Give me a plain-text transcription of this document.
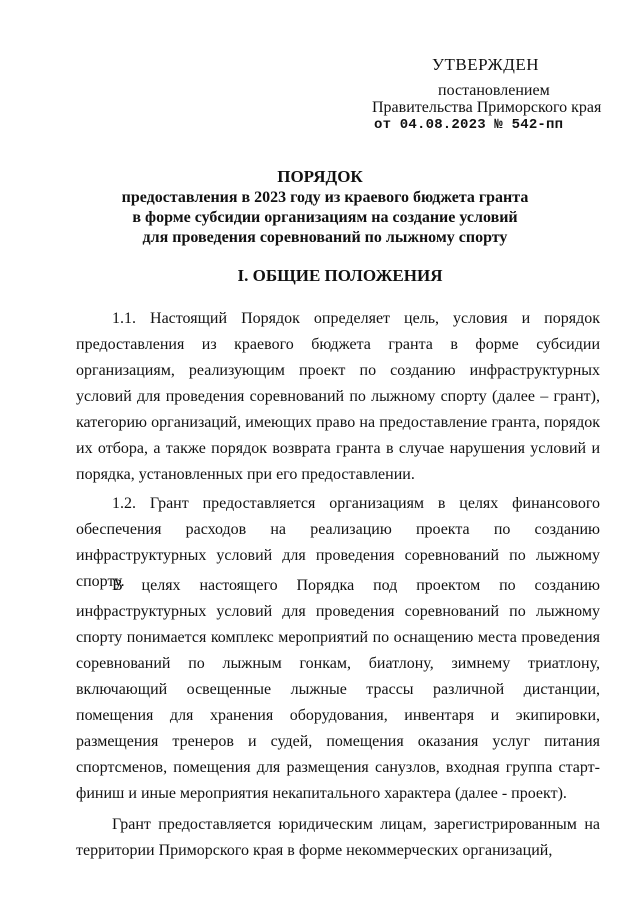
УТВЕРЖДЕН
постановлением
Правительства Приморского края
от 04.08.2023 № 542-пп
ПОРЯДОК
предоставления в 2023 году из краевого бюджета гранта в форме субсидии организациям на создание условий для проведения соревнований по лыжному спорту
I. ОБЩИЕ ПОЛОЖЕНИЯ

1.1. Настоящий Порядок определяет цель, условия и порядок предоставления из краевого бюджета гранта в форме субсидии организациям, реализующим проект по созданию инфраструктурных условий для проведения соревнований по лыжному спорту (далее – грант), категорию организаций, имеющих право на предоставление гранта, порядок их отбора, а также порядок возврата гранта в случае нарушения условий и порядка, установленных при его предоставлении.

1.2. Грант предоставляется организациям в целях финансового обеспечения расходов на реализацию проекта по созданию инфраструктурных условий для проведения соревнований по лыжному спорту.

В целях настоящего Порядка под проектом по созданию инфраструктурных условий для проведения соревнований по лыжному спорту понимается комплекс мероприятий по оснащению места проведения соревнований по лыжным гонкам, биатлону, зимнему триатлону, включающий освещенные лыжные трассы различной дистанции, помещения для хранения оборудования, инвентаря и экипировки, размещения тренеров и судей, помещения оказания услуг питания спортсменов, помещения для размещения санузлов, входная группа старт-финиш и иные мероприятия некапитального характера (далее - проект).

Грант предоставляется юридическим лицам, зарегистрированным на территории Приморского края в форме некоммерческих организаций,
